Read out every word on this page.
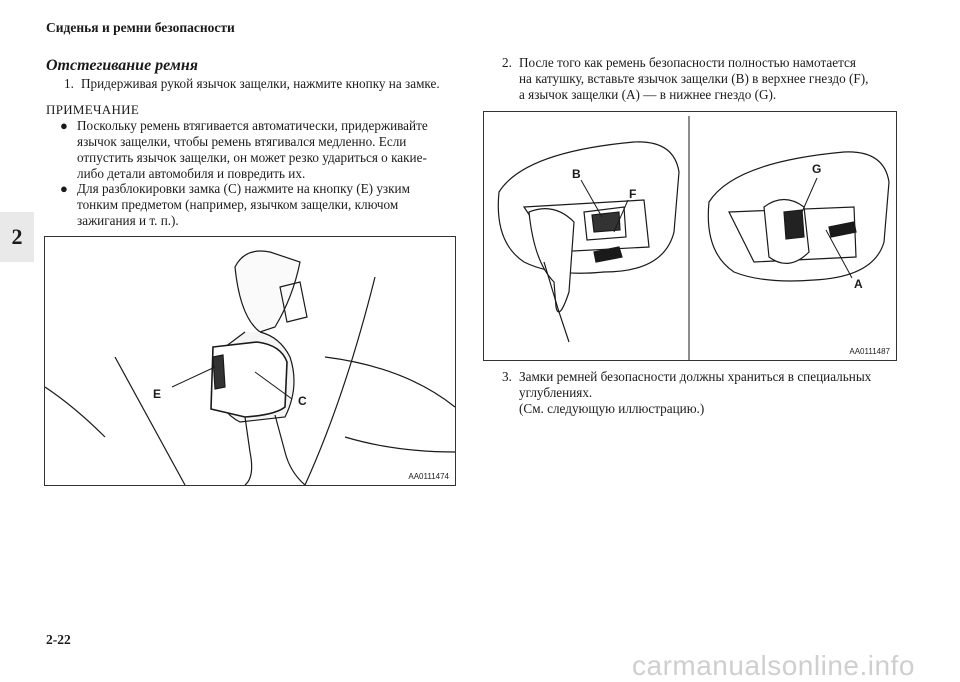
Сиденья и ремни безопасности
2
Отстегивание ремня
1. Придерживая рукой язычок защелки, нажмите кнопку на замке.
ПРИМЕЧАНИЕ
● Поскольку ремень втягивается автоматически, придерживайте
язычок защелки, чтобы ремень втягивался медленно. Если
отпустить язычок защелки, он может резко удариться о какие-
либо детали автомобиля и повредить их.
● Для разблокировки замка (C) нажмите на кнопку (E) узким
тонким предметом (например, язычком защелки, ключом
зажигания и т. п.).
E	C
AA0111474
2. После того как ремень безопасности полностью намотается
на катушку, вставьте язычок защелки (B) в верхнее гнездо (F),
а язычок защелки (A) — в нижнее гнездо (G).
B
F
G
A
AA0111487
3. Замки ремней безопасности должны храниться в специальных
углублениях.
(См. следующую иллюстрацию.)
2-22
carmanualsonline.info
